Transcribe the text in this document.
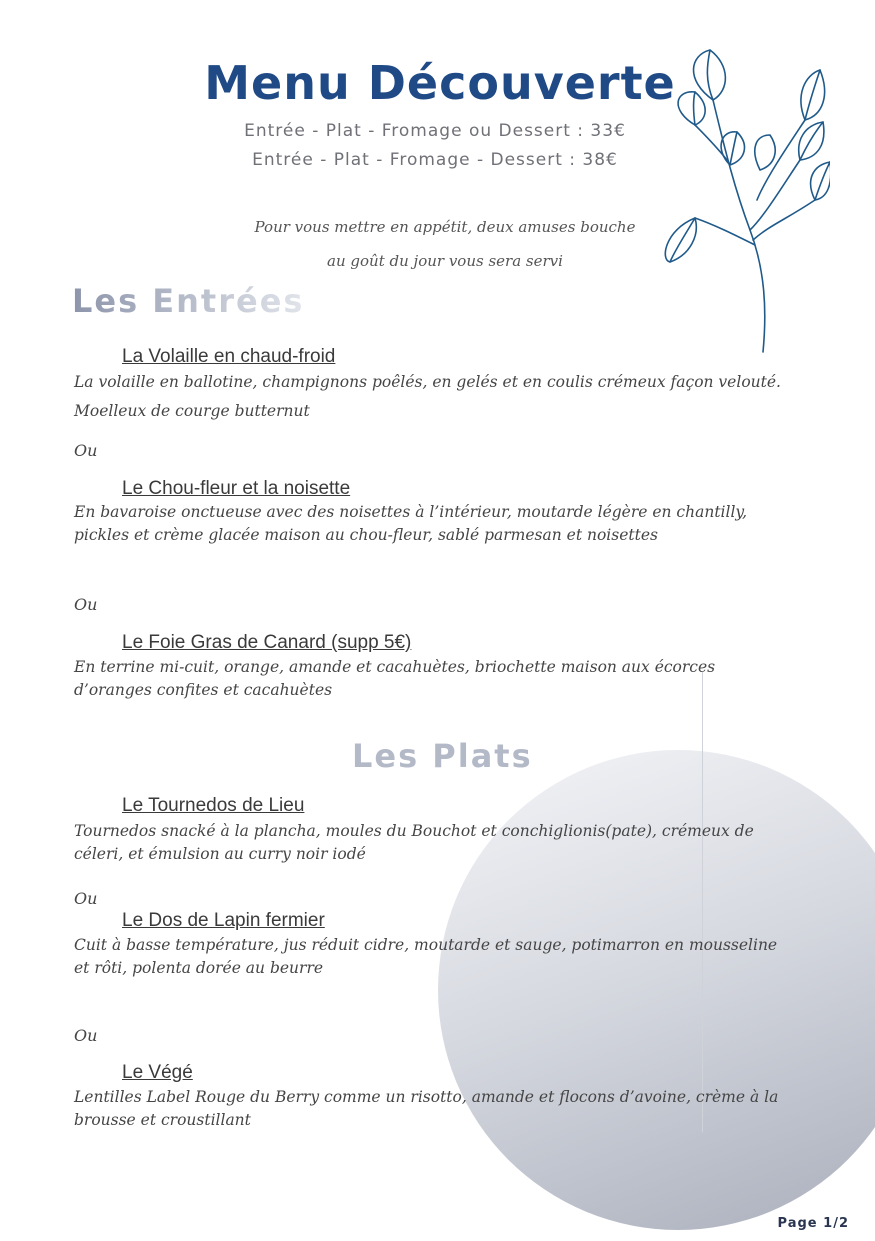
Menu Découverte
Entrée - Plat - Fromage ou Dessert : 33€
Entrée - Plat - Fromage - Dessert : 38€
Pour vous mettre en appétit, deux amuses bouche
au goût du jour vous sera servi
Les Entrées
La Volaille en chaud-froid
La volaille en ballotine, champignons poêlés, en gelés et en coulis crémeux façon velouté. Moelleux de courge butternut
Ou
Le Chou-fleur et la noisette
En bavaroise onctueuse avec des noisettes à l’intérieur, moutarde légère en chantilly, pickles et crème glacée maison au chou-fleur, sablé parmesan et noisettes
Ou
Le Foie Gras de Canard (supp 5€)
En terrine mi-cuit, orange, amande et cacahuètes, briochette maison aux écorces d’oranges confites et cacahuètes
Les Plats
Le Tournedos de Lieu
Tournedos snacké à la plancha, moules du Bouchot et conchiglionis(pate), crémeux de céleri, et émulsion au curry noir iodé
Ou
Le Dos de Lapin fermier
Cuit à basse température, jus réduit cidre, moutarde et sauge, potimarron en mousseline et rôti, polenta dorée au beurre
Ou
Le Végé
Lentilles Label Rouge du Berry comme un risotto, amande et flocons d’avoine, crème à la brousse et croustillant
Page 1/2
